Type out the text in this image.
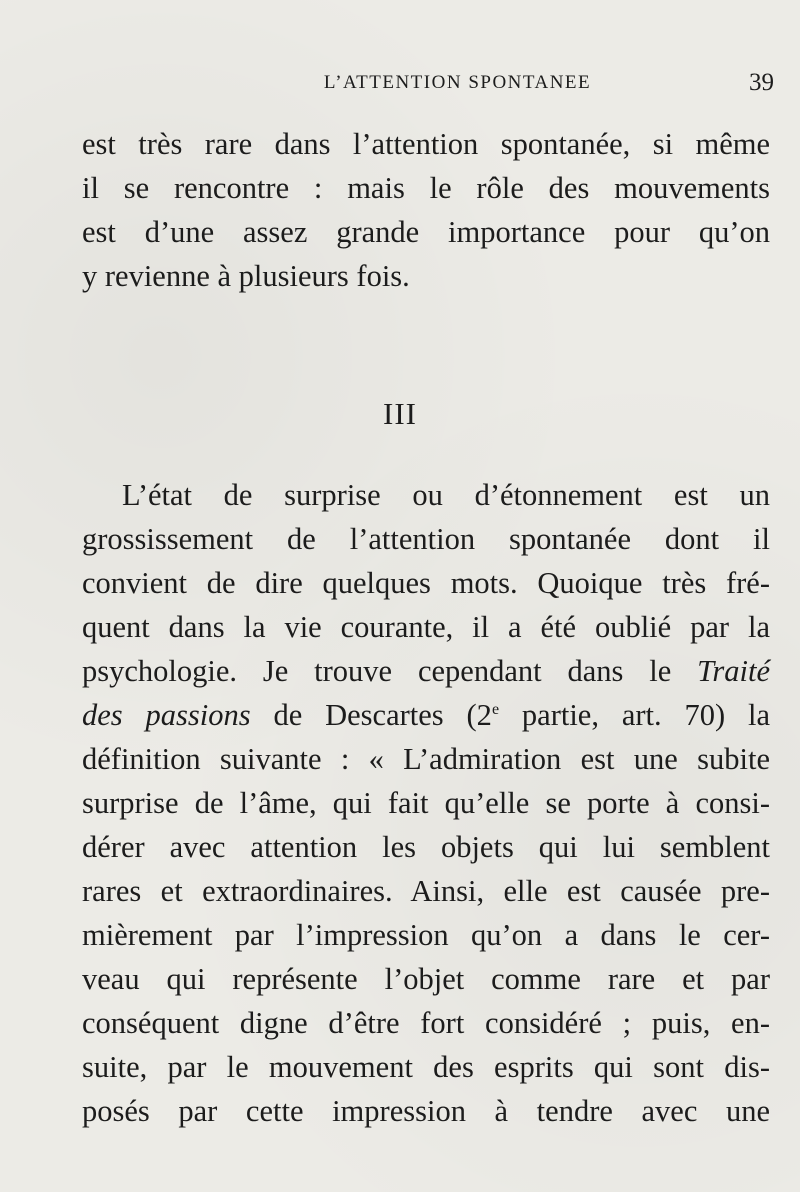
L’ATTENTION SPONTANEE	39
est très rare dans l’attention spontanée, si même
il se rencontre : mais le rôle des mouvements
est d’une assez grande importance pour qu’on
y revienne à plusieurs fois.
III
L’état de surprise ou d’étonnement est un
grossissement de l’attention spontanée dont il
convient de dire quelques mots. Quoique très fré-
quent dans la vie courante, il a été oublié par la
psychologie. Je trouve cependant dans le Traité
des passions de Descartes (2e partie, art. 70) la
définition suivante : « L’admiration est une subite
surprise de l’âme, qui fait qu’elle se porte à consi-
dérer avec attention les objets qui lui semblent
rares et extraordinaires. Ainsi, elle est causée pre-
mièrement par l’impression qu’on a dans le cer-
veau qui représente l’objet comme rare et par
conséquent digne d’être fort considéré ; puis, en-
suite, par le mouvement des esprits qui sont dis-
posés par cette impression à tendre avec une
